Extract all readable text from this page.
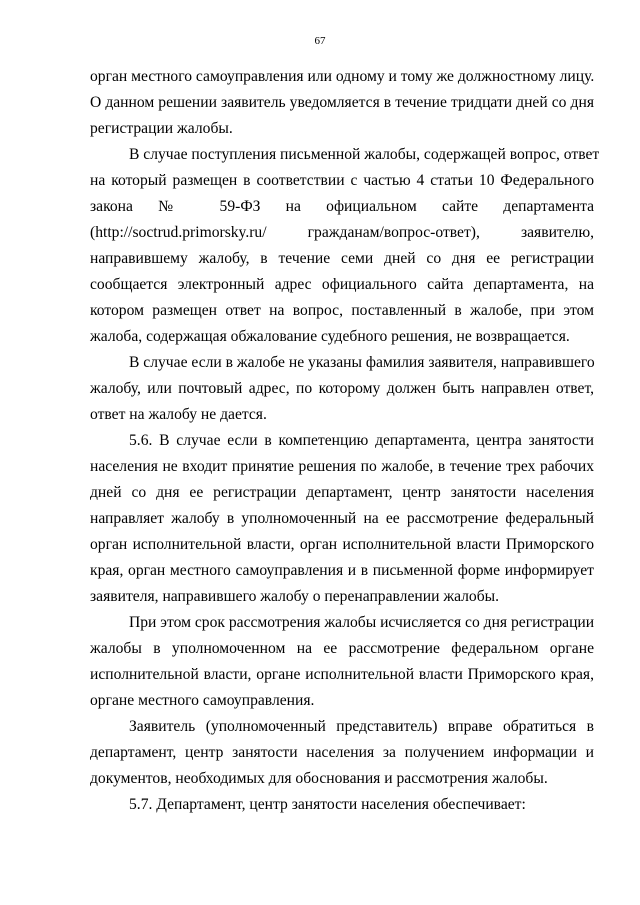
67
орган местного самоуправления или одному и тому же должностному лицу.
О данном решении заявитель уведомляется в течение тридцати дней со дня
регистрации жалобы.
В случае поступления письменной жалобы, содержащей вопрос, ответ
на который размещен в соответствии с частью 4 статьи 10 Федерального
закона № 59-ФЗ на официальном сайте департамента
(http://soctrud.primorsky.ru/ гражданам/вопрос-ответ), заявителю,
направившему жалобу, в течение семи дней со дня ее регистрации
сообщается электронный адрес официального сайта департамента, на
котором размещен ответ на вопрос, поставленный в жалобе, при этом
жалоба, содержащая обжалование судебного решения, не возвращается.
В случае если в жалобе не указаны фамилия заявителя, направившего
жалобу, или почтовый адрес, по которому должен быть направлен ответ,
ответ на жалобу не дается.
5.6. В случае если в компетенцию департамента, центра занятости
населения не входит принятие решения по жалобе, в течение трех рабочих
дней со дня ее регистрации департамент, центр занятости населения
направляет жалобу в уполномоченный на ее рассмотрение федеральный
орган исполнительной власти, орган исполнительной власти Приморского
края, орган местного самоуправления и в письменной форме информирует
заявителя, направившего жалобу о перенаправлении жалобы.
При этом срок рассмотрения жалобы исчисляется со дня регистрации
жалобы в уполномоченном на ее рассмотрение федеральном органе
исполнительной власти, органе исполнительной власти Приморского края,
органе местного самоуправления.
Заявитель (уполномоченный представитель) вправе обратиться в
департамент, центр занятости населения за получением информации и
документов, необходимых для обоснования и рассмотрения жалобы.
5.7. Департамент, центр занятости населения обеспечивает:
